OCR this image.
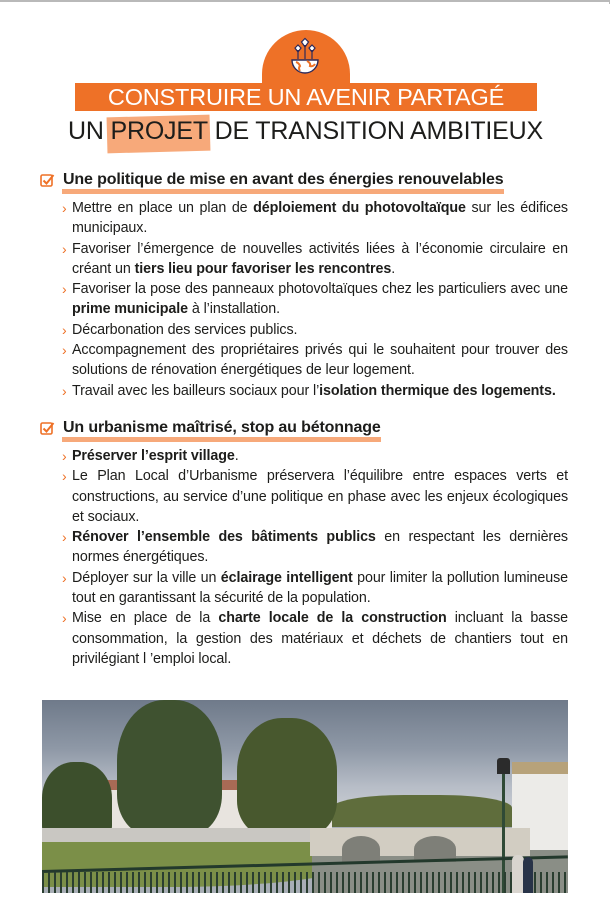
CONSTRUIRE UN AVENIR PARTAGÉ
UN PROJET DE TRANSITION AMBITIEUX
Une politique de mise en avant des énergies renouvelables
› Mettre en place un plan de déploiement du photovoltaïque sur les édifices municipaux.
› Favoriser l’émergence de nouvelles activités liées à l’économie circulaire en créant un tiers lieu pour favoriser les rencontres.
› Favoriser la pose des panneaux photovoltaïques chez les particuliers avec une prime municipale à l’installation.
› Décarbonation des services publics.
› Accompagnement des propriétaires privés qui le souhaitent pour trouver des solutions de rénovation énergétiques de leur logement.
› Travail avec les bailleurs sociaux pour l’isolation thermique des logements.
Un urbanisme maîtrisé, stop au bétonnage
› Préserver l’esprit village.
› Le Plan Local d’Urbanisme préservera l’équilibre entre espaces verts et constructions, au service d’une politique en phase avec les enjeux écologiques et sociaux.
› Rénover l’ensemble des bâtiments publics en respectant les dernières normes énergétiques.
› Déployer sur la ville un éclairage intelligent pour limiter la pollution lumineuse tout en garantissant la sécurité de la population.
› Mise en place de la charte locale de la construction incluant la basse consommation, la gestion des matériaux et déchets de chantiers tout en privilégiant l ’emploi local.
